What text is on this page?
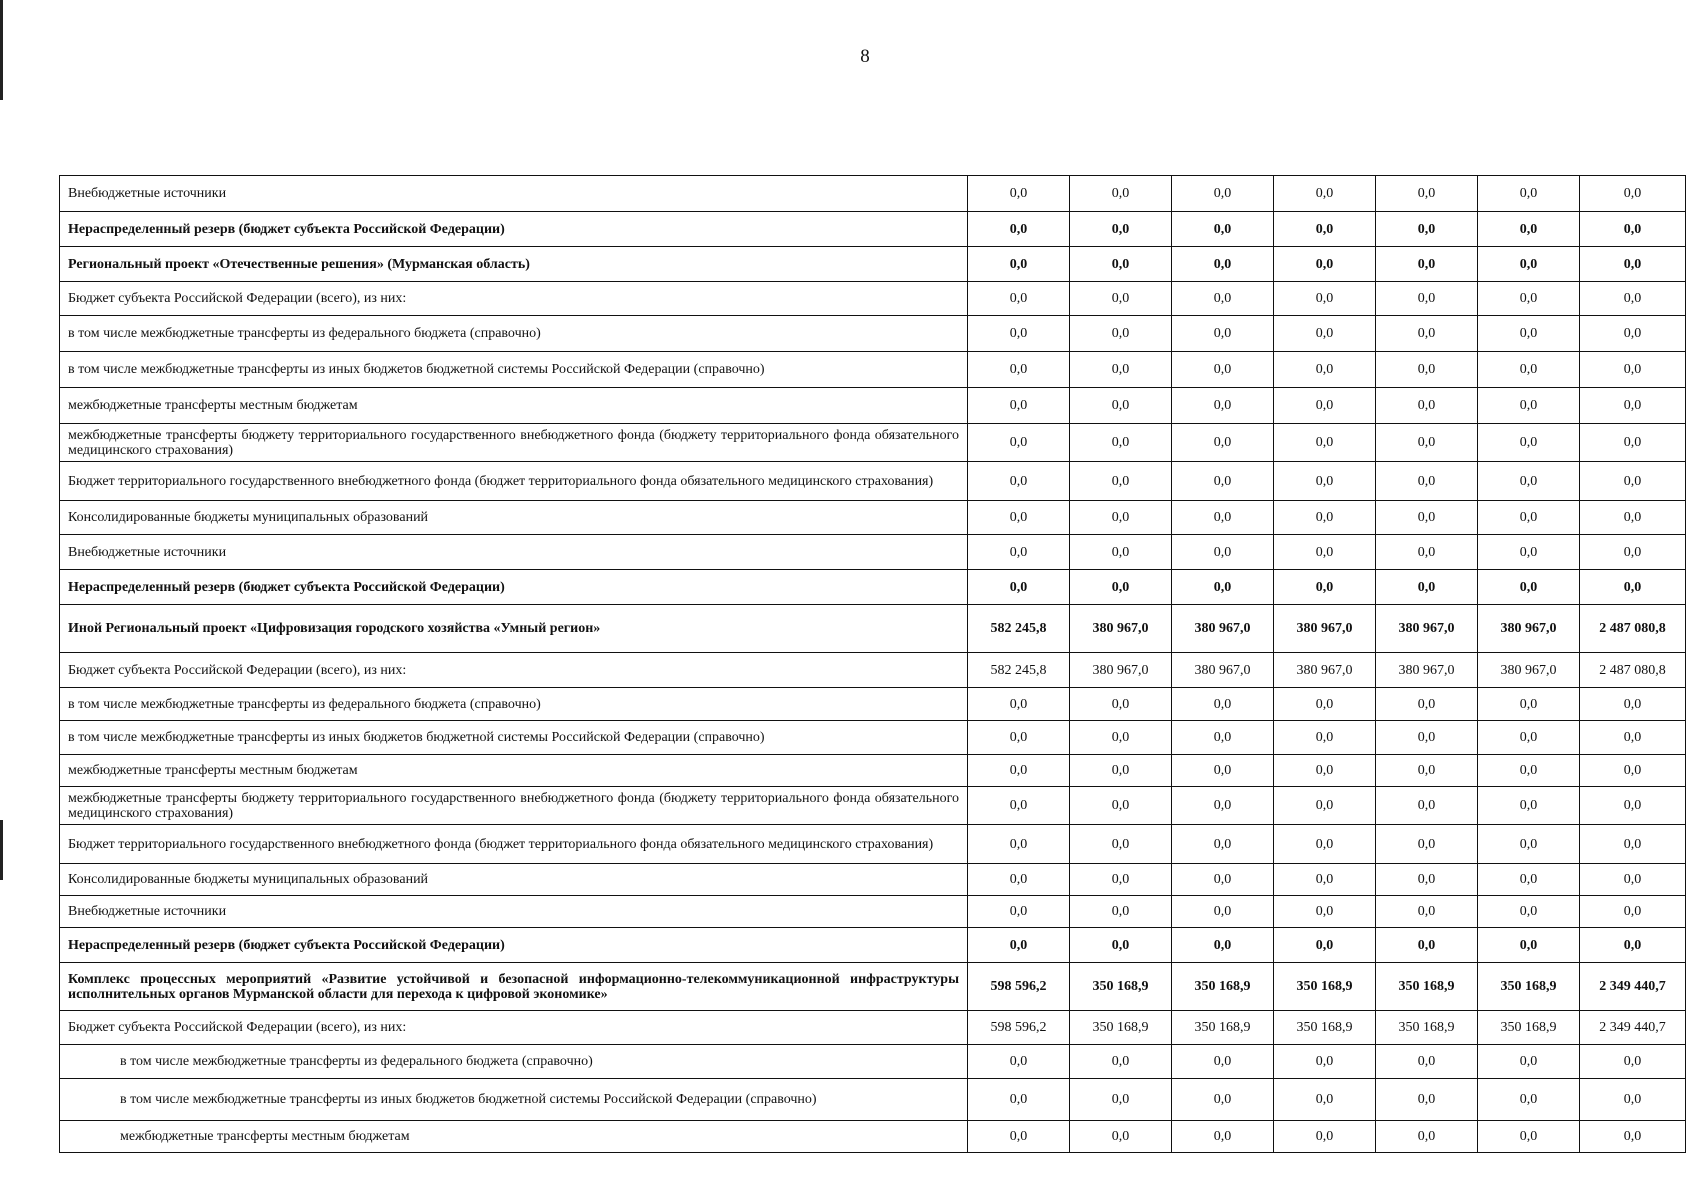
8
Внебюджетные источники	0,0	0,0	0,0	0,0	0,0	0,0	0,0
Нераспределенный резерв (бюджет субъекта Российской Федерации)	0,0	0,0	0,0	0,0	0,0	0,0	0,0
Региональный проект «Отечественные решения» (Мурманская область)	0,0	0,0	0,0	0,0	0,0	0,0	0,0
Бюджет субъекта Российской Федерации (всего), из них:	0,0	0,0	0,0	0,0	0,0	0,0	0,0
в том числе межбюджетные трансферты из федерального бюджета (справочно)	0,0	0,0	0,0	0,0	0,0	0,0	0,0
в том числе межбюджетные трансферты из иных бюджетов бюджетной системы Российской Федерации (справочно)	0,0	0,0	0,0	0,0	0,0	0,0	0,0
межбюджетные трансферты местным бюджетам	0,0	0,0	0,0	0,0	0,0	0,0	0,0
межбюджетные трансферты бюджету территориального государственного внебюджетного фонда (бюджету территориального фонда обязательного медицинского страхования)	0,0	0,0	0,0	0,0	0,0	0,0	0,0
Бюджет территориального государственного внебюджетного фонда (бюджет территориального фонда обязательного медицинского страхования)	0,0	0,0	0,0	0,0	0,0	0,0	0,0
Консолидированные бюджеты муниципальных образований	0,0	0,0	0,0	0,0	0,0	0,0	0,0
Внебюджетные источники	0,0	0,0	0,0	0,0	0,0	0,0	0,0
Нераспределенный резерв (бюджет субъекта Российской Федерации)	0,0	0,0	0,0	0,0	0,0	0,0	0,0
Иной Региональный проект «Цифровизация городского хозяйства «Умный регион»	582 245,8	380 967,0	380 967,0	380 967,0	380 967,0	380 967,0	2 487 080,8
Бюджет субъекта Российской Федерации (всего), из них:	582 245,8	380 967,0	380 967,0	380 967,0	380 967,0	380 967,0	2 487 080,8
в том числе межбюджетные трансферты из федерального бюджета (справочно)	0,0	0,0	0,0	0,0	0,0	0,0	0,0
в том числе межбюджетные трансферты из иных бюджетов бюджетной системы Российской Федерации (справочно)	0,0	0,0	0,0	0,0	0,0	0,0	0,0
межбюджетные трансферты местным бюджетам	0,0	0,0	0,0	0,0	0,0	0,0	0,0
межбюджетные трансферты бюджету территориального государственного внебюджетного фонда (бюджету территориального фонда обязательного медицинского страхования)	0,0	0,0	0,0	0,0	0,0	0,0	0,0
Бюджет территориального государственного внебюджетного фонда (бюджет территориального фонда обязательного медицинского страхования)	0,0	0,0	0,0	0,0	0,0	0,0	0,0
Консолидированные бюджеты муниципальных образований	0,0	0,0	0,0	0,0	0,0	0,0	0,0
Внебюджетные источники	0,0	0,0	0,0	0,0	0,0	0,0	0,0
Нераспределенный резерв (бюджет субъекта Российской Федерации)	0,0	0,0	0,0	0,0	0,0	0,0	0,0
Комплекс процессных мероприятий «Развитие устойчивой и безопасной информационно-телекоммуникационной инфраструктуры исполнительных органов Мурманской области для перехода к цифровой экономике»	598 596,2	350 168,9	350 168,9	350 168,9	350 168,9	350 168,9	2 349 440,7
Бюджет субъекта Российской Федерации (всего), из них:	598 596,2	350 168,9	350 168,9	350 168,9	350 168,9	350 168,9	2 349 440,7
в том числе межбюджетные трансферты из федерального бюджета (справочно)	0,0	0,0	0,0	0,0	0,0	0,0	0,0
в том числе межбюджетные трансферты из иных бюджетов бюджетной системы Российской Федерации (справочно)	0,0	0,0	0,0	0,0	0,0	0,0	0,0
межбюджетные трансферты местным бюджетам	0,0	0,0	0,0	0,0	0,0	0,0	0,0
